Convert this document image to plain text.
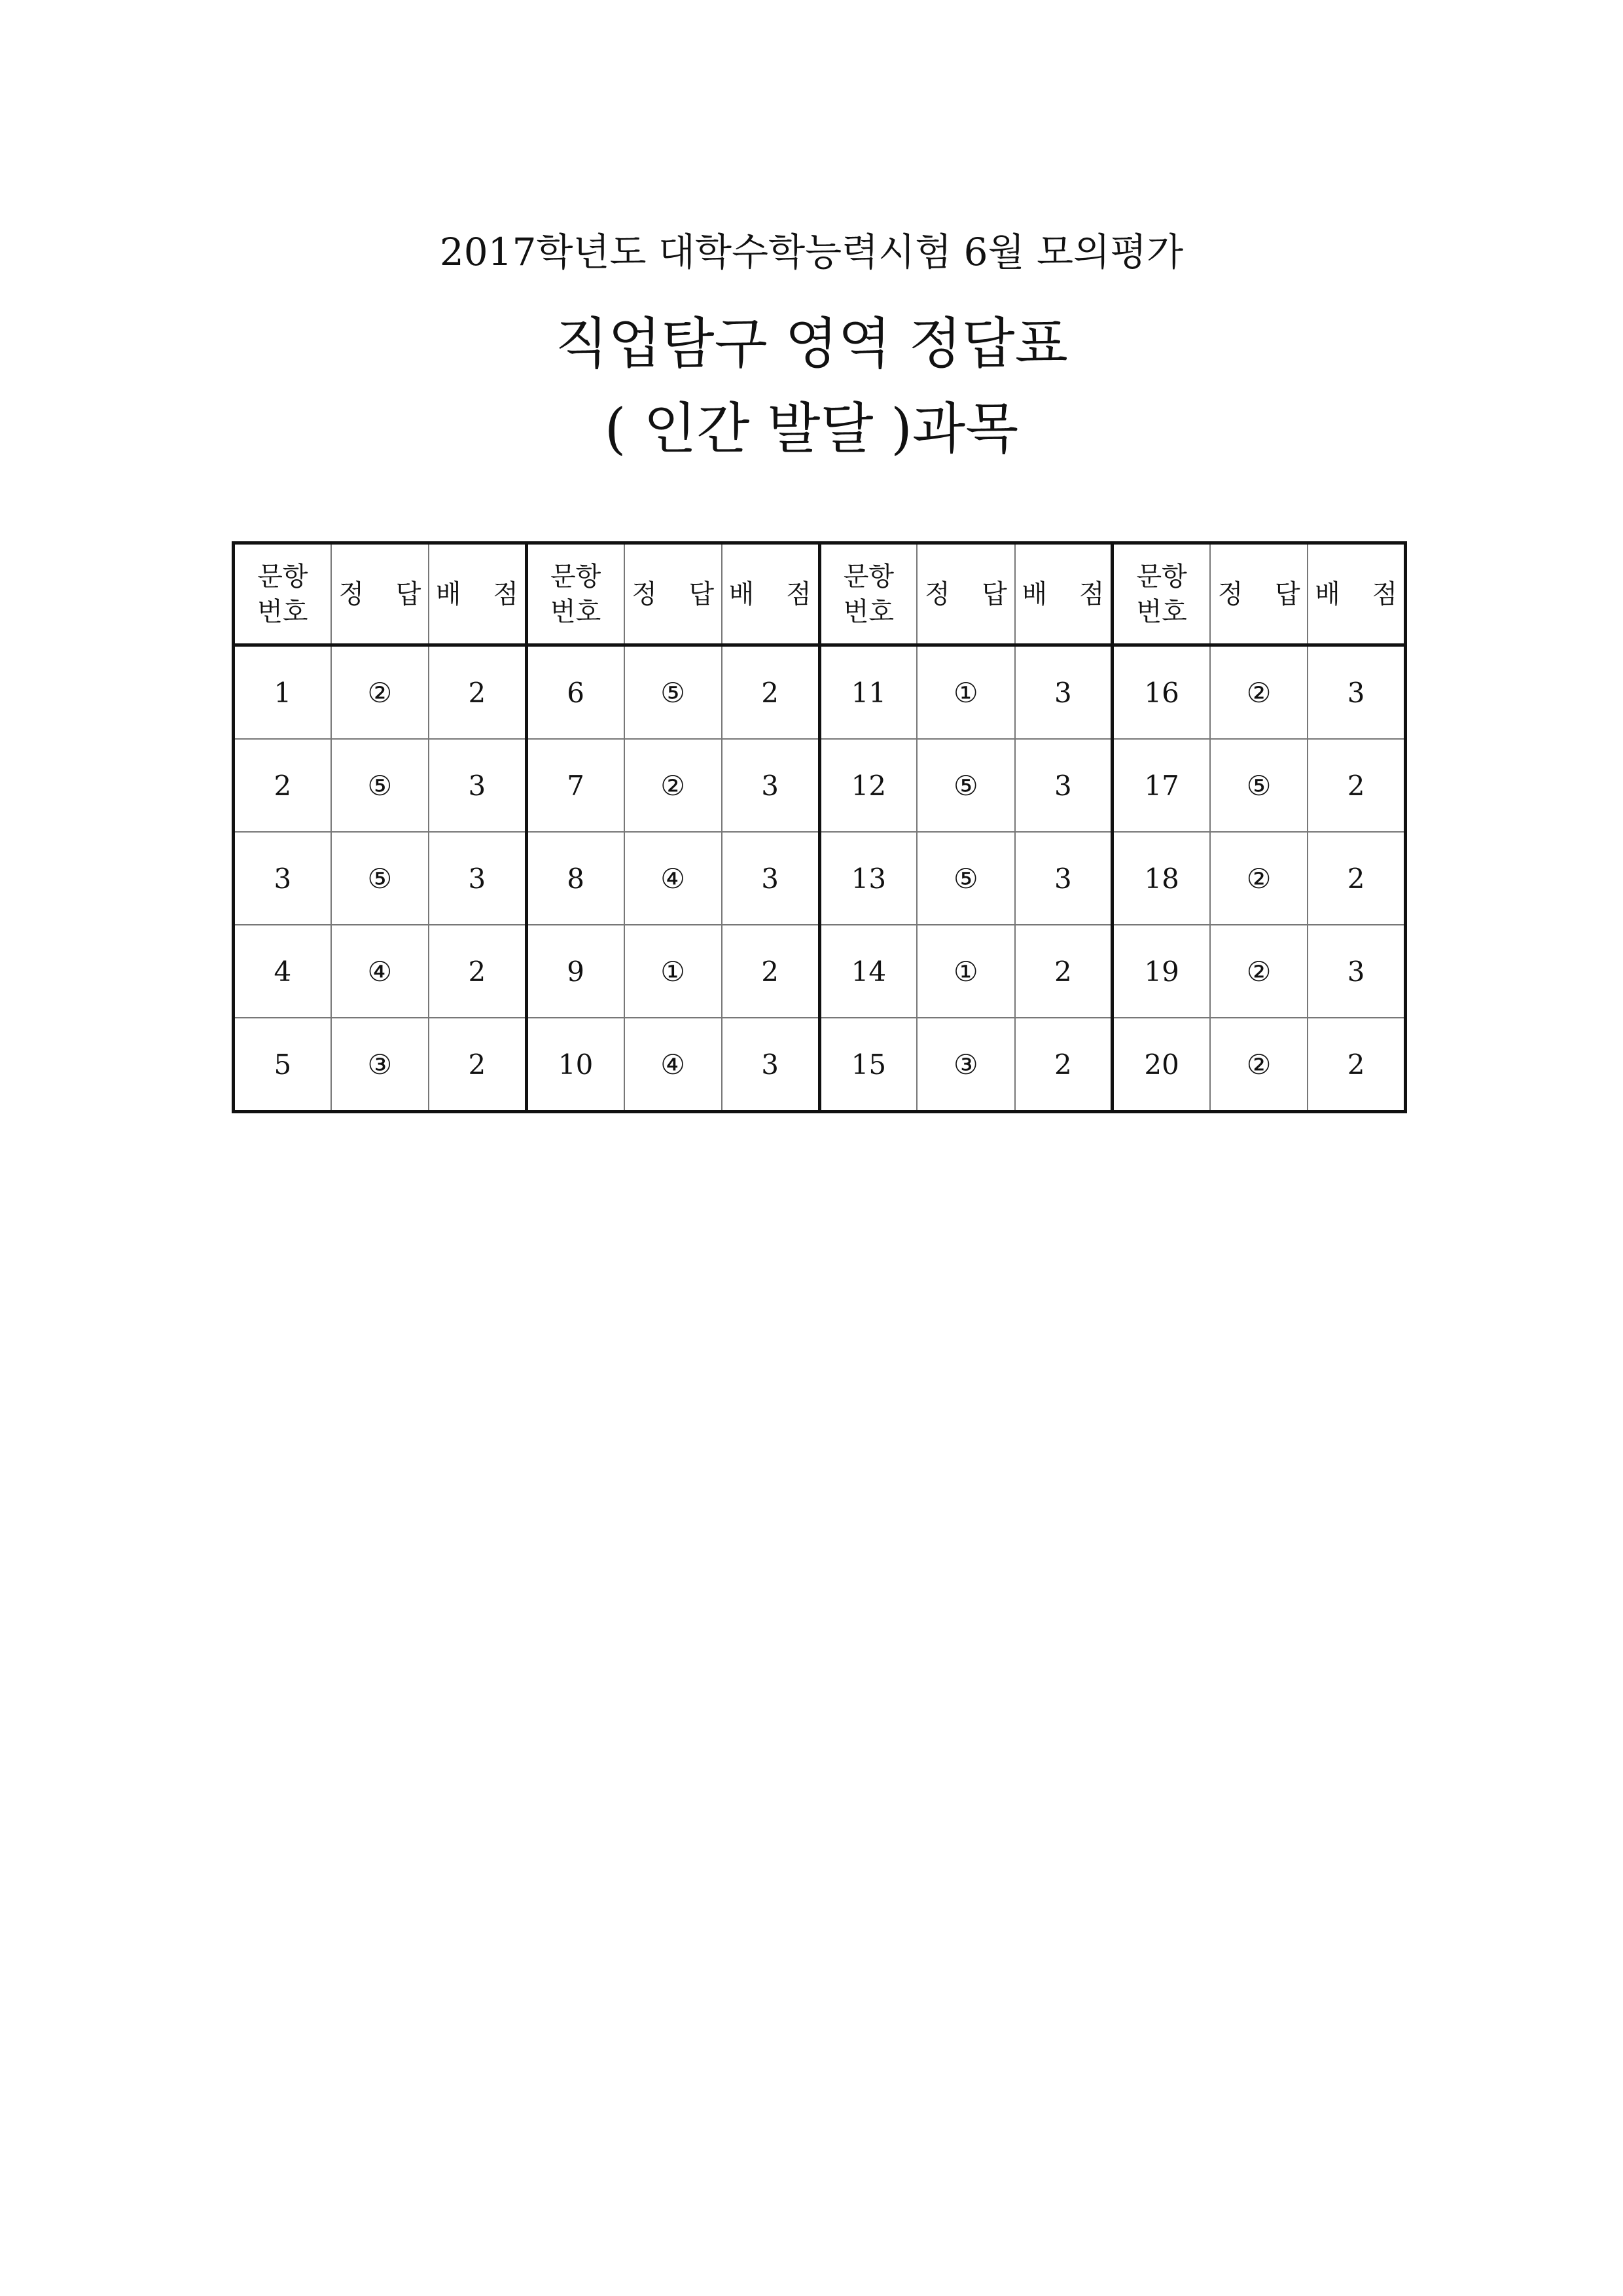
2017학년도 대학수학능력시험 6월 모의평가
직업탐구 영역 정답표
( 인간 발달 )과목
문항
번호	정 답	배 점	문항
번호	정 답	배 점	문항
번호	정 답	배 점	문항
번호	정 답	배 점
1	②	2	6	⑤	2	11	①	3	16	②	3
2	⑤	3	7	②	3	12	⑤	3	17	⑤	2
3	⑤	3	8	④	3	13	⑤	3	18	②	2
4	④	2	9	①	2	14	①	2	19	②	3
5	③	2	10	④	3	15	③	2	20	②	2
